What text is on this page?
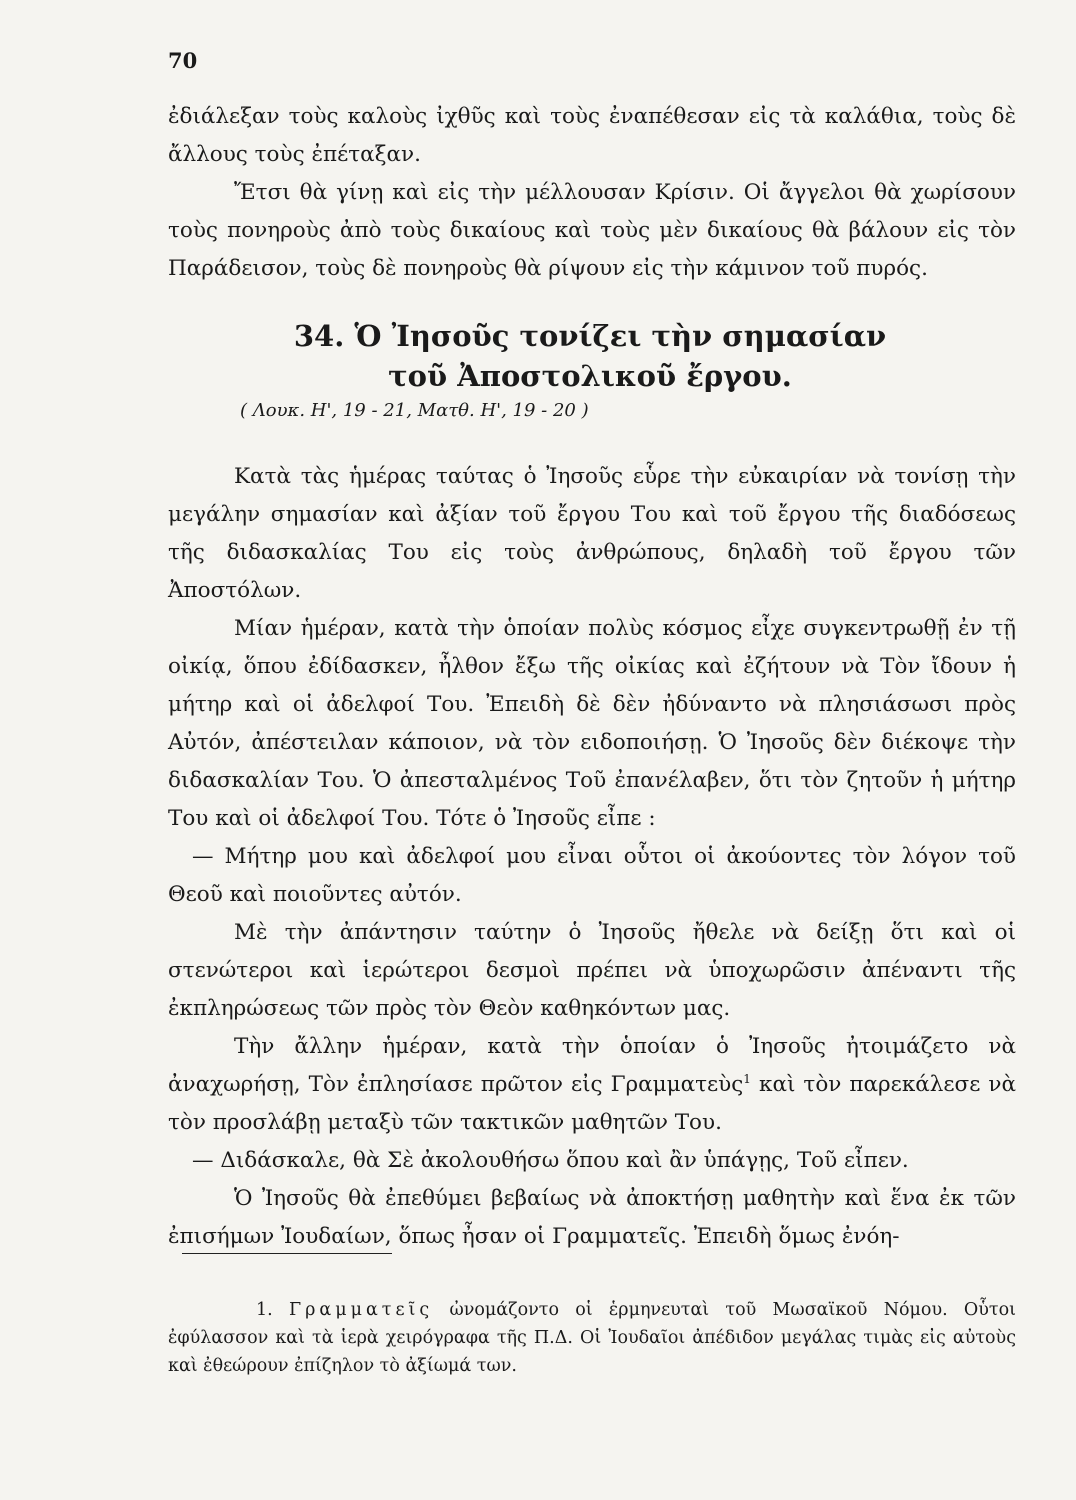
70

ἐδιάλεξαν τοὺς καλοὺς ἰχθῦς καὶ τοὺς ἐναπέθεσαν εἰς τὰ καλάθια, τοὺς δὲ ἄλλους τοὺς ἐπέταξαν.

Ἔτσι θὰ γίνῃ καὶ εἰς τὴν μέλλουσαν Κρίσιν. Οἱ ἄγγελοι θὰ χωρίσουν τοὺς πονηροὺς ἀπὸ τοὺς δικαίους καὶ τοὺς μὲν δικαίους θὰ βάλουν εἰς τὸν Παράδεισον, τοὺς δὲ πονηροὺς θὰ ρίψουν εἰς τὴν κάμινον τοῦ πυρός.

34. Ὁ Ἰησοῦς τονίζει τὴν σημασίαν
τοῦ Ἀποστολικοῦ ἔργου.
( Λουκ. Η', 19 - 21, Ματθ. Η', 19 - 20 )

Κατὰ τὰς ἡμέρας ταύτας ὁ Ἰησοῦς εὗρε τὴν εὐκαιρίαν νὰ τονίσῃ τὴν μεγάλην σημασίαν καὶ ἀξίαν τοῦ ἔργου Του καὶ τοῦ ἔργου τῆς διαδόσεως τῆς διδασκαλίας Του εἰς τοὺς ἀνθρώπους, δηλαδὴ τοῦ ἔργου τῶν Ἀποστόλων.

Μίαν ἡμέραν, κατὰ τὴν ὁποίαν πολὺς κόσμος εἶχε συγκεντρωθῇ ἐν τῇ οἰκίᾳ, ὅπου ἐδίδασκεν, ἦλθον ἔξω τῆς οἰκίας καὶ ἐζήτουν νὰ Τὸν ἴδουν ἡ μήτηρ καὶ οἱ ἀδελφοί Του. Ἐπειδὴ δὲ δὲν ἠδύναντο νὰ πλησιάσωσι πρὸς Αὐτόν, ἀπέστειλαν κάποιον, νὰ τὸν ειδοποιήσῃ. Ὁ Ἰησοῦς δὲν διέκοψε τὴν διδασκαλίαν Του. Ὁ ἀπεσταλμένος Τοῦ ἐπανέλαβεν, ὅτι τὸν ζητοῦν ἡ μήτηρ Του καὶ οἱ ἀδελφοί Του. Τότε ὁ Ἰησοῦς εἶπε :

— Μήτηρ μου καὶ ἀδελφοί μου εἶναι οὗτοι οἱ ἀκούοντες τὸν λόγον τοῦ Θεοῦ καὶ ποιοῦντες αὐτόν.

Μὲ τὴν ἀπάντησιν ταύτην ὁ Ἰησοῦς ἤθελε νὰ δείξῃ ὅτι καὶ οἱ στενώτεροι καὶ ἱερώτεροι δεσμοὶ πρέπει νὰ ὑποχωρῶσιν ἀπέναντι τῆς ἐκπληρώσεως τῶν πρὸς τὸν Θεὸν καθηκόντων μας.

Τὴν ἄλλην ἡμέραν, κατὰ τὴν ὁποίαν ὁ Ἰησοῦς ἠτοιμάζετο νὰ ἀναχωρήσῃ, Τὸν ἐπλησίασε πρῶτον εἰς Γραμματεὺς$^1$ καὶ τὸν παρεκάλεσε νὰ τὸν προσλάβῃ μεταξὺ τῶν τακτικῶν μαθητῶν Του.

— Διδάσκαλε, θὰ Σὲ ἀκολουθήσω ὅπου καὶ ἂν ὑπάγῃς, Τοῦ εἶπεν.

Ὁ Ἰησοῦς θὰ ἐπεθύμει βεβαίως νὰ ἀποκτήσῃ μαθητὴν καὶ ἕνα ἐκ τῶν ἐπισήμων Ἰουδαίων, ὅπως ἦσαν οἱ Γραμματεῖς. Ἐπειδὴ ὅμως ἐνόη-

1. Γραμματεῖς ὠνομάζοντο οἱ ἑρμηνευταὶ τοῦ Μωσαϊκοῦ Νόμου. Οὗτοι ἐφύλασσον καὶ τὰ ἱερὰ χειρόγραφα τῆς Π.Δ. Οἱ Ἰουδαῖοι ἀπέδιδον μεγάλας τιμὰς εἰς αὐτοὺς καὶ ἐθεώρουν ἐπίζηλον τὸ ἀξίωμά των.
